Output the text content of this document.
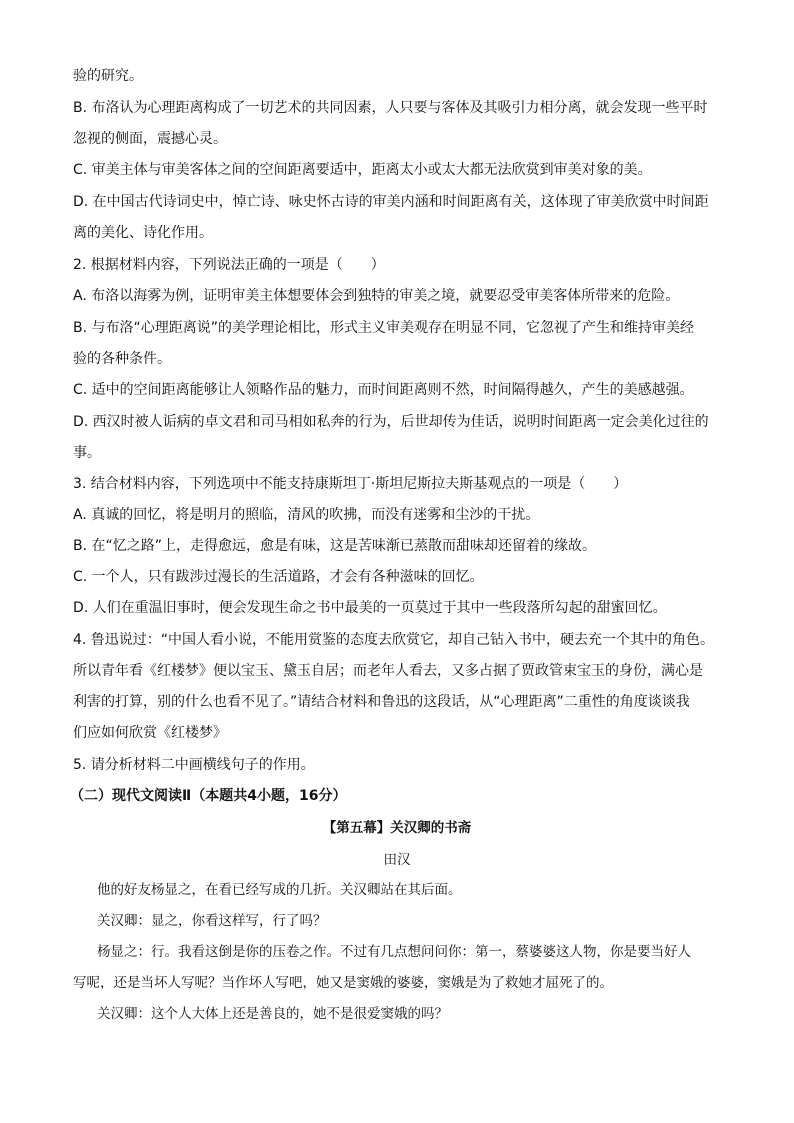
验的研究。
B. 布洛认为心理距离构成了一切艺术的共同因素，人只要与客体及其吸引力相分离，就会发现一些平时
忽视的侧面，震撼心灵。
C. 审美主体与审美客体之间的空间距离要适中，距离太小或太大都无法欣赏到审美对象的美。
D. 在中国古代诗词史中，悼亡诗、咏史怀古诗的审美内涵和时间距离有关，这体现了审美欣赏中时间距
离的美化、诗化作用。
2. 根据材料内容，下列说法正确的一项是（　　）
A. 布洛以海雾为例，证明审美主体想要体会到独特的审美之境，就要忍受审美客体所带来的危险。
B. 与布洛“心理距离说”的美学理论相比，形式主义审美观存在明显不同，它忽视了产生和维持审美经
验的各种条件。
C. 适中的空间距离能够让人领略作品的魅力，而时间距离则不然，时间隔得越久，产生的美感越强。
D. 西汉时被人诟病的卓文君和司马相如私奔的行为，后世却传为佳话，说明时间距离一定会美化过往的
事。
3. 结合材料内容，下列选项中不能支持康斯坦丁·斯坦尼斯拉夫斯基观点的一项是（　　）
A. 真诚的回忆，将是明月的照临，清风的吹拂，而没有迷雾和尘沙的干扰。
B. 在“忆之路”上，走得愈远，愈是有味，这是苦味渐已蒸散而甜味却还留着的缘故。
C. 一个人，只有跋涉过漫长的生活道路，才会有各种滋味的回忆。
D. 人们在重温旧事时，便会发现生命之书中最美的一页莫过于其中一些段落所勾起的甜蜜回忆。
4. 鲁迅说过：“中国人看小说，不能用赏鉴的态度去欣赏它，却自己钻入书中，硬去充一个其中的角色。
所以青年看《红楼梦》便以宝玉、黛玉自居；而老年人看去，又多占据了贾政管束宝玉的身份，满心是
利害的打算，别的什么也看不见了。”请结合材料和鲁迅的这段话，从“心理距离”二重性的角度谈谈我
们应如何欣赏《红楼梦》
5. 请分析材料二中画横线句子的作用。
（二）现代文阅读Ⅱ（本题共4小题，16分）
【第五幕】关汉卿的书斋
田汉
他的好友杨显之，在看已经写成的几折。关汉卿站在其后面。
关汉卿：显之，你看这样写，行了吗？
杨显之：行。我看这倒是你的压卷之作。不过有几点想问问你：第一，蔡婆婆这人物，你是要当好人
写呢，还是当坏人写呢？当作坏人写吧，她又是窦娥的婆婆，窦娥是为了救她才屈死了的。
关汉卿：这个人大体上还是善良的，她不是很爱窦娥的吗？
